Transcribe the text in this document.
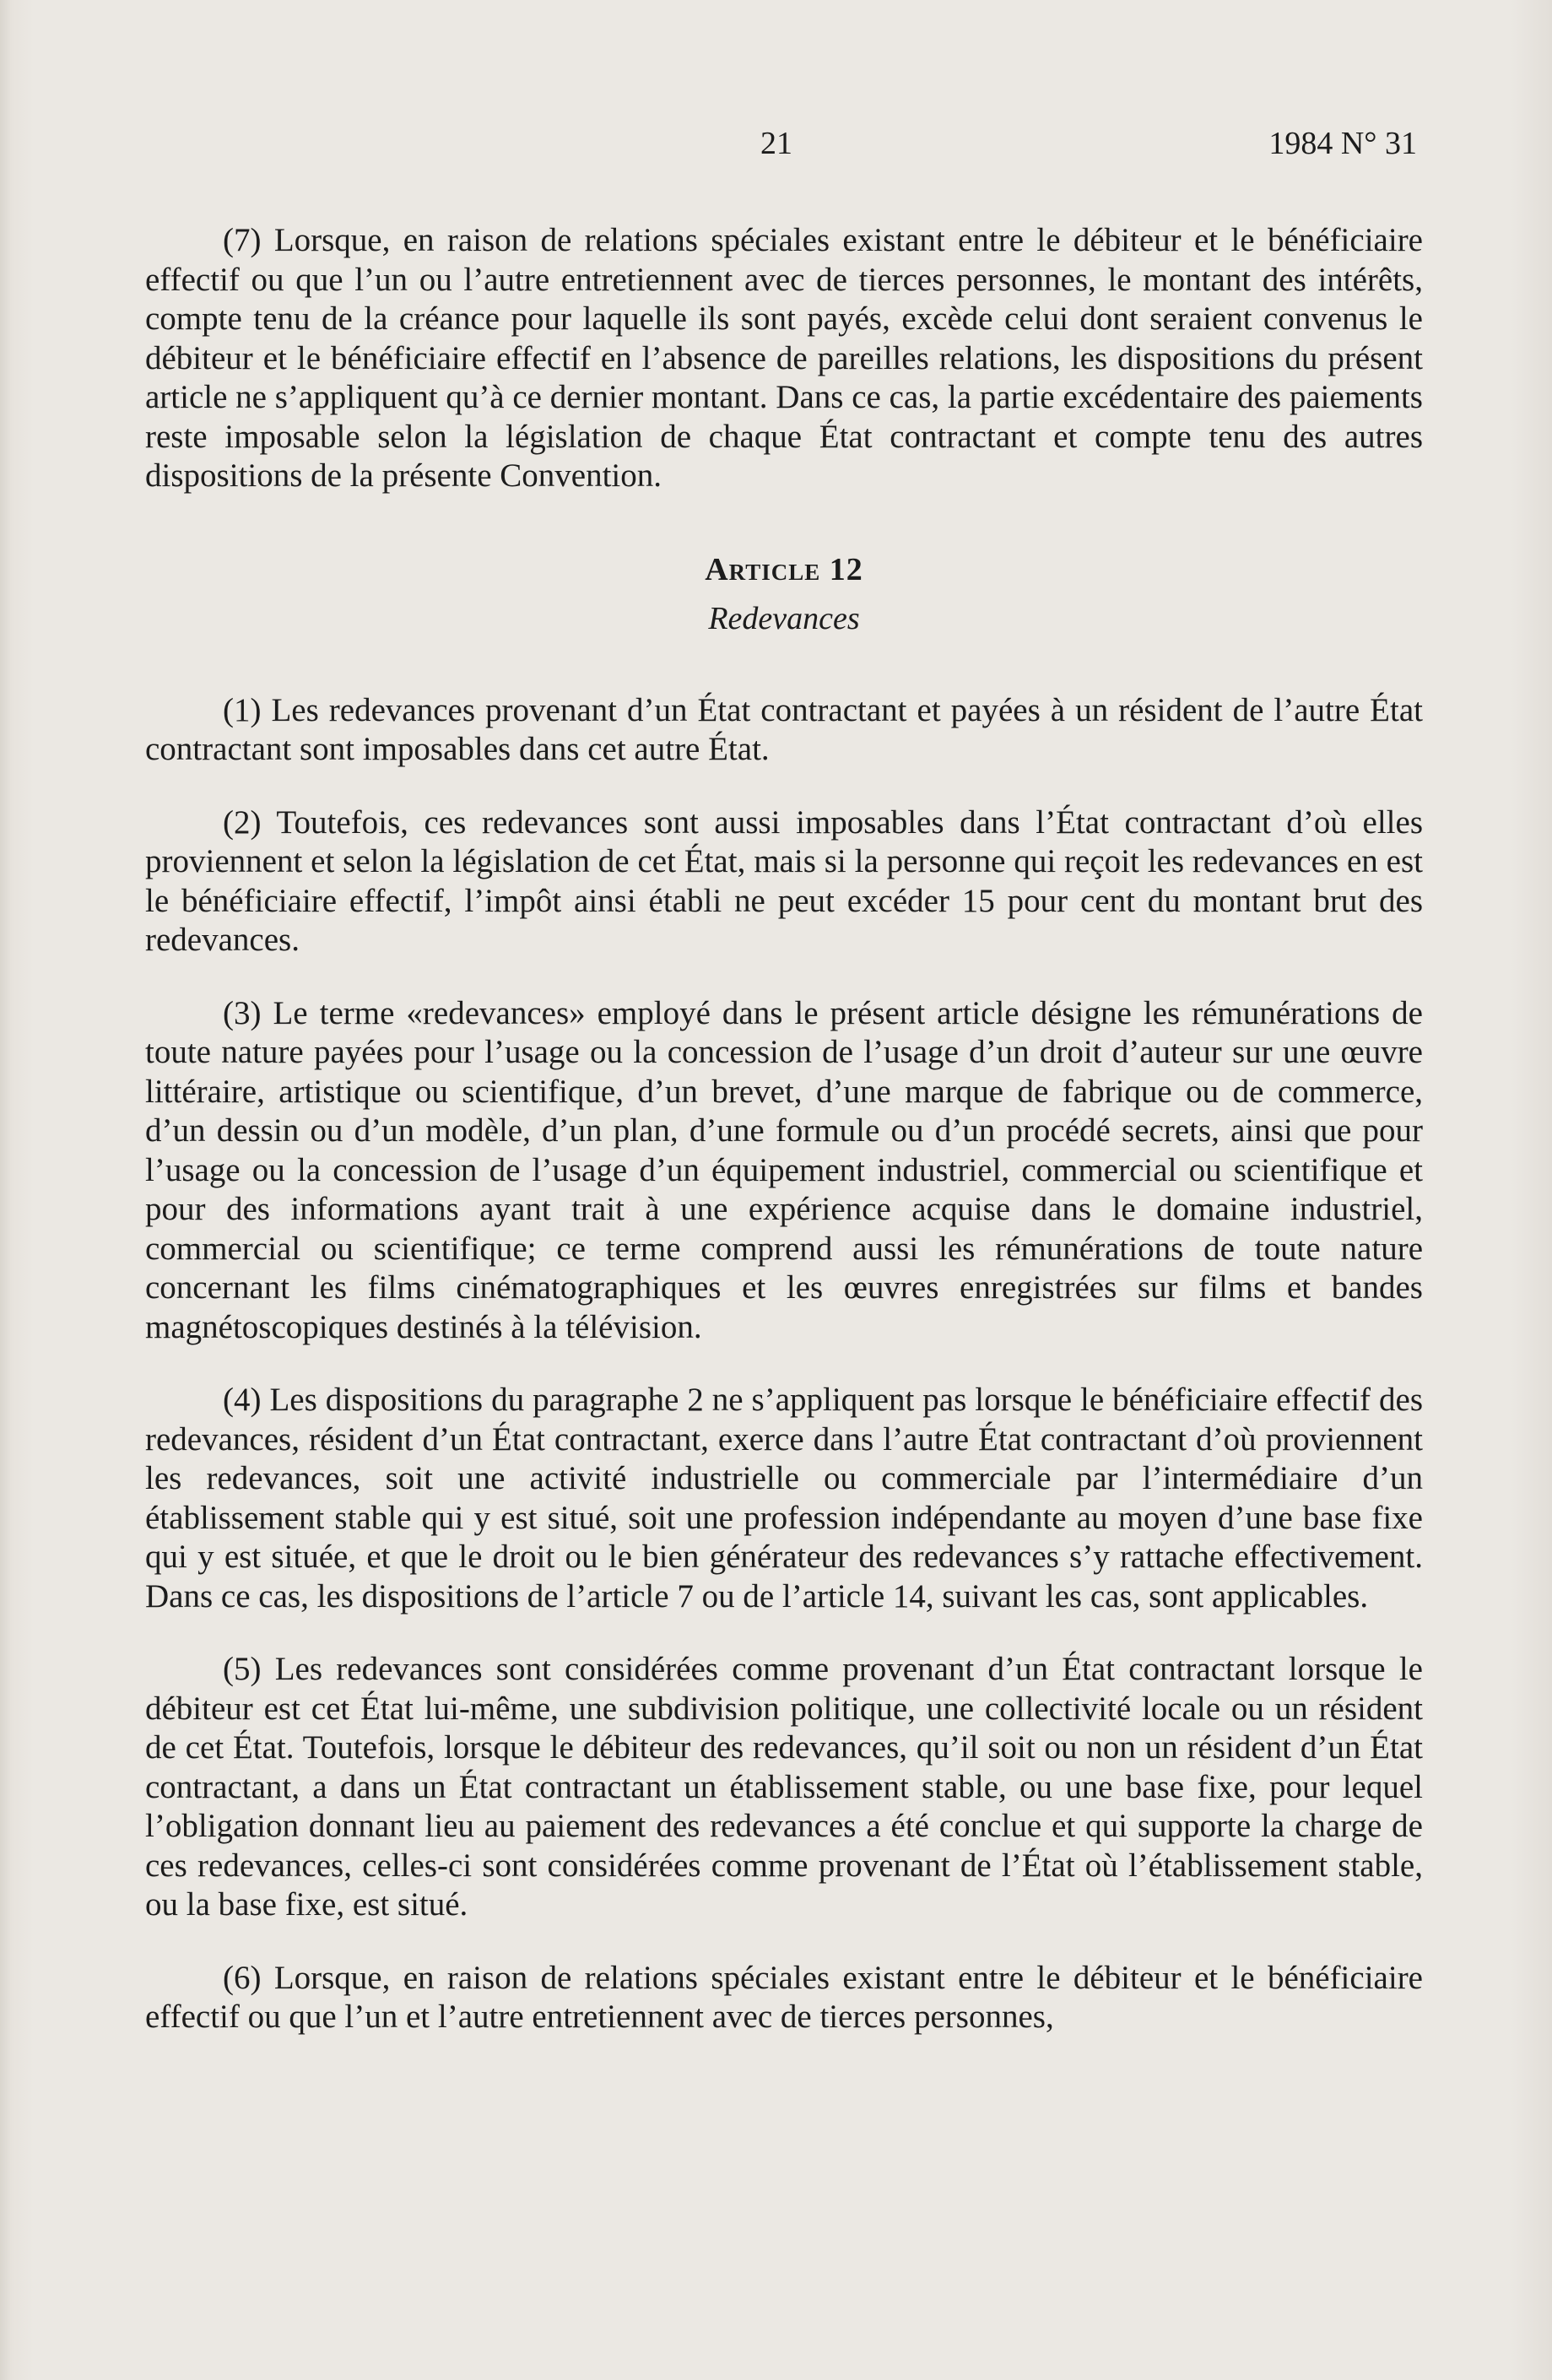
21	1984 N° 31

(7) Lorsque, en raison de relations spéciales existant entre le débiteur et le bénéficiaire effectif ou que l’un ou l’autre entretiennent avec de tierces personnes, le montant des intérêts, compte tenu de la créance pour laquelle ils sont payés, excède celui dont seraient convenus le débiteur et le bénéficiaire effectif en l’absence de pareilles relations, les dispositions du présent article ne s’appliquent qu’à ce dernier montant. Dans ce cas, la partie excédentaire des paiements reste imposable selon la législation de chaque État contractant et compte tenu des autres dispositions de la présente Convention.

Article 12
Redevances

(1) Les redevances provenant d’un État contractant et payées à un résident de l’autre État contractant sont imposables dans cet autre État.

(2) Toutefois, ces redevances sont aussi imposables dans l’État contractant d’où elles proviennent et selon la législation de cet État, mais si la personne qui reçoit les redevances en est le bénéficiaire effectif, l’impôt ainsi établi ne peut excéder 15 pour cent du montant brut des redevances.

(3) Le terme «redevances» employé dans le présent article désigne les rémunérations de toute nature payées pour l’usage ou la concession de l’usage d’un droit d’auteur sur une œuvre littéraire, artistique ou scientifique, d’un brevet, d’une marque de fabrique ou de commerce, d’un dessin ou d’un modèle, d’un plan, d’une formule ou d’un procédé secrets, ainsi que pour l’usage ou la concession de l’usage d’un équipement industriel, commercial ou scientifique et pour des informations ayant trait à une expérience acquise dans le domaine industriel, commercial ou scientifique; ce terme comprend aussi les rémunérations de toute nature concernant les films cinématographiques et les œuvres enregistrées sur films et bandes magnétoscopiques destinés à la télévision.

(4) Les dispositions du paragraphe 2 ne s’appliquent pas lorsque le bénéficiaire effectif des redevances, résident d’un État contractant, exerce dans l’autre État contractant d’où proviennent les redevances, soit une activité industrielle ou commerciale par l’intermédiaire d’un établissement stable qui y est situé, soit une profession indépendante au moyen d’une base fixe qui y est située, et que le droit ou le bien générateur des redevances s’y rattache effectivement. Dans ce cas, les dispositions de l’article 7 ou de l’article 14, suivant les cas, sont applicables.

(5) Les redevances sont considérées comme provenant d’un État contractant lorsque le débiteur est cet État lui-même, une subdivision politique, une collectivité locale ou un résident de cet État. Toutefois, lorsque le débiteur des redevances, qu’il soit ou non un résident d’un État contractant, a dans un État contractant un établissement stable, ou une base fixe, pour lequel l’obligation donnant lieu au paiement des redevances a été conclue et qui supporte la charge de ces redevances, celles-ci sont considérées comme provenant de l’État où l’établissement stable, ou la base fixe, est situé.

(6) Lorsque, en raison de relations spéciales existant entre le débiteur et le bénéficiaire effectif ou que l’un et l’autre entretiennent avec de tierces personnes,
